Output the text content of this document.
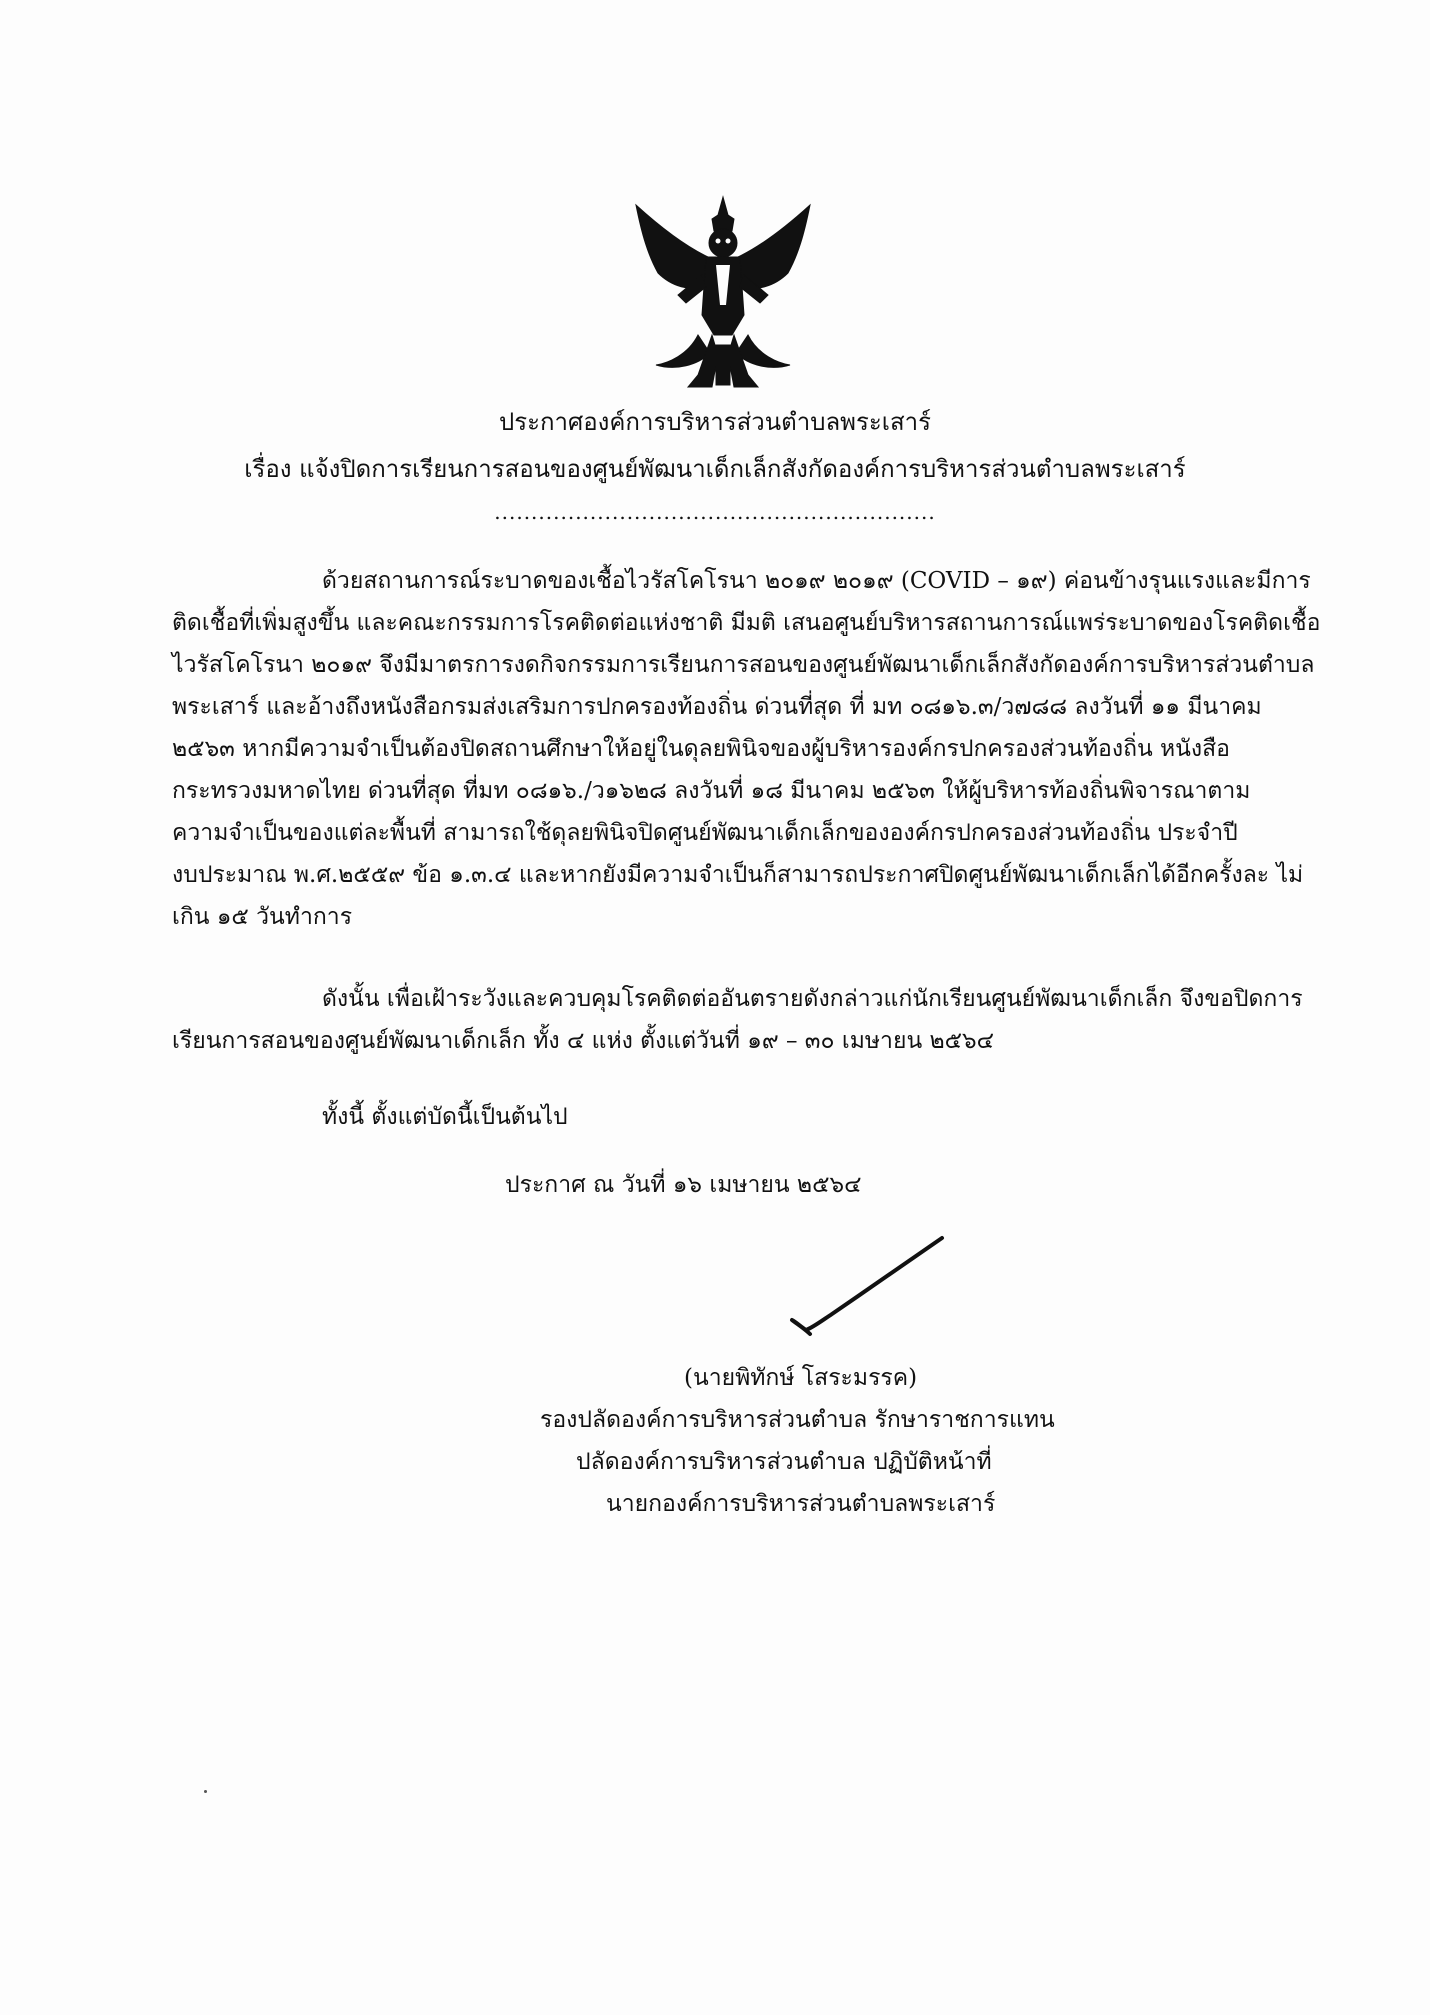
ประกาศองค์การบริหารส่วนตำบลพระเสาร์
เรื่อง แจ้งปิดการเรียนการสอนของศูนย์พัฒนาเด็กเล็กสังกัดองค์การบริหารส่วนตำบลพระเสาร์
............................................................
ด้วยสถานการณ์ระบาดของเชื้อไวรัสโคโรนา ๒๐๑๙ ๒๐๑๙ (COVID – ๑๙) ค่อนข้างรุนแรงและมีการ
ติดเชื้อที่เพิ่มสูงขึ้น และคณะกรรมการโรคติดต่อแห่งชาติ มีมติ เสนอศูนย์บริหารสถานการณ์แพร่ระบาดของโรคติดเชื้อ
ไวรัสโคโรนา ๒๐๑๙ จึงมีมาตรการงดกิจกรรมการเรียนการสอนของศูนย์พัฒนาเด็กเล็กสังกัดองค์การบริหารส่วนตำบล
พระเสาร์ และอ้างถึงหนังสือกรมส่งเสริมการปกครองท้องถิ่น ด่วนที่สุด ที่ มท ๐๘๑๖.๓/ว๗๘๘ ลงวันที่ ๑๑ มีนาคม
๒๕๖๓ หากมีความจำเป็นต้องปิดสถานศึกษาให้อยู่ในดุลยพินิจของผู้บริหารองค์กรปกครองส่วนท้องถิ่น หนังสือ
กระทรวงมหาดไทย ด่วนที่สุด ที่มท ๐๘๑๖./ว๑๖๒๘ ลงวันที่ ๑๘ มีนาคม ๒๕๖๓ ให้ผู้บริหารท้องถิ่นพิจารณาตาม
ความจำเป็นของแต่ละพื้นที่ สามารถใช้ดุลยพินิจปิดศูนย์พัฒนาเด็กเล็กขององค์กรปกครองส่วนท้องถิ่น ประจำปี
งบประมาณ พ.ศ.๒๕๕๙ ข้อ ๑.๓.๔ และหากยังมีความจำเป็นก็สามารถประกาศปิดศูนย์พัฒนาเด็กเล็กได้อีกครั้งละ ไม่
เกิน ๑๕ วันทำการ
ดังนั้น เพื่อเฝ้าระวังและควบคุมโรคติดต่ออันตรายดังกล่าวแก่นักเรียนศูนย์พัฒนาเด็กเล็ก จึงขอปิดการ
เรียนการสอนของศูนย์พัฒนาเด็กเล็ก ทั้ง ๔ แห่ง ตั้งแต่วันที่ ๑๙ – ๓๐ เมษายน ๒๕๖๔
ทั้งนี้ ตั้งแต่บัดนี้เป็นต้นไป
ประกาศ ณ วันที่ ๑๖ เมษายน ๒๕๖๔
(นายพิทักษ์ โสระมรรค)
รองปลัดองค์การบริหารส่วนตำบล รักษาราชการแทน
ปลัดองค์การบริหารส่วนตำบล ปฏิบัติหน้าที่
นายกองค์การบริหารส่วนตำบลพระเสาร์
